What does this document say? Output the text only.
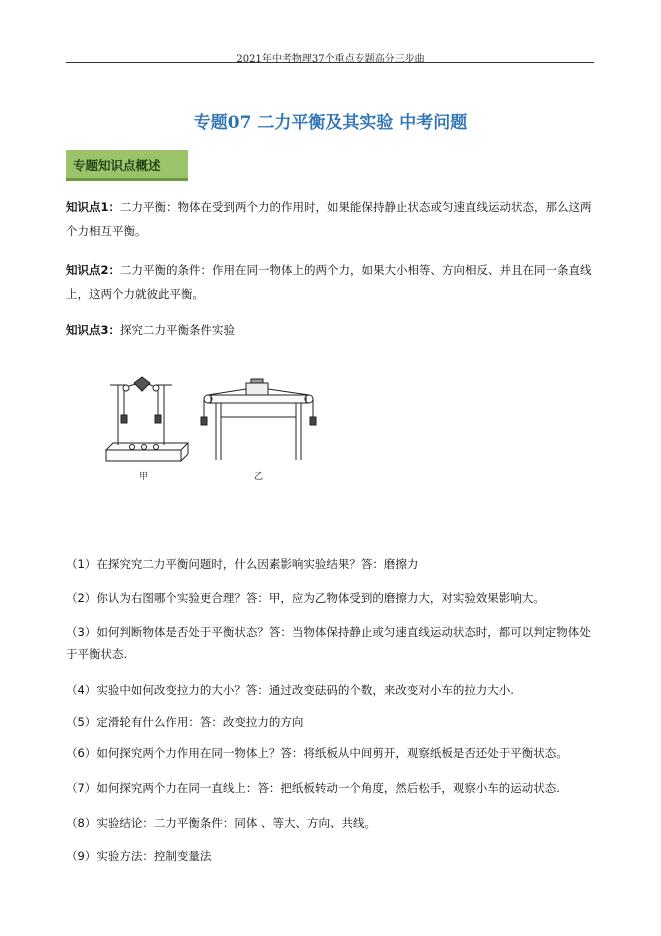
2021年中考物理37个重点专题高分三步曲
专题07 二力平衡及其实验 中考问题
专题知识点概述
知识点1：二力平衡：物体在受到两个力的作用时，如果能保持静止状态或匀速直线运动状态，那么这两个力相互平衡。
知识点2：二力平衡的条件：作用在同一物体上的两个力，如果大小相等、方向相反、并且在同一条直线上，这两个力就彼此平衡。
知识点3：探究二力平衡条件实验
甲	乙
（1）在探究究二力平衡问题时，什么因素影响实验结果？答：磨擦力
（2）你认为右图哪个实验更合理？答：甲，应为乙物体受到的磨擦力大，对实验效果影响大。
（3）如何判断物体是否处于平衡状态？答：当物体保持静止或匀速直线运动状态时，都可以判定物体处于平衡状态.
（4）实验中如何改变拉力的大小？答：通过改变砝码的个数，来改变对小车的拉力大小.
（5）定滑轮有什么作用：答：改变拉力的方向
（6）如何探究两个力作用在同一物体上？答：将纸板从中间剪开，观察纸板是否还处于平衡状态。
（7）如何探究两个力在同一直线上：答：把纸板转动一个角度，然后松手，观察小车的运动状态.
（8）实验结论：二力平衡条件：同体 、等大、方向、共线。
（9）实验方法：控制变量法
